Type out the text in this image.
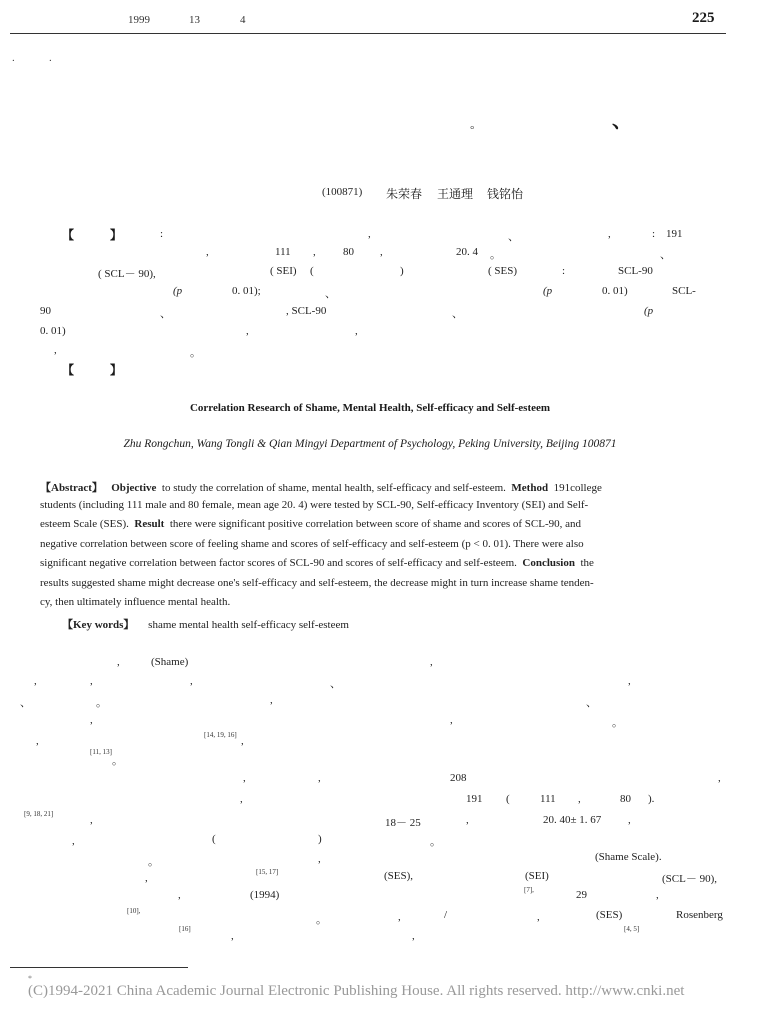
1999	13	4	225
.	.
°	、
(100871) 朱荣春 王通理 钱铭怡
【	】	:	,	、	,	: 191
,	111 , 80 ,	20. 4 。	、
( SCL－ 90),	( SEI) (	)	( SES)	:	SCL-90
(p	0. 01);	、	(p	0. 01)	SCL-
90	、	, SCL-90	、	(p
0. 01)	,	,
,	。
【	】
Correlation Research of Shame, Mental Health, Self-efficacy and Self-esteem
Zhu Rongchun, Wang Tongli & Qian Mingyi Department of Psychology, Peking University, Beijing 100871
【Abstract】 Objective to study the correlation of shame, mental health, self-efficacy and self-esteem. Method 191college
students (including 111 male and 80 female, mean age 20. 4) were tested by SCL-90, Self-efficacy Inventory (SEI) and Self-
esteem Scale (SES). Result there were significant positive correlation between score of shame and scores of SCL-90, and
negative correlation between score of feeling shame and scores of self-efficacy and self-esteem (p < 0. 01). There were also
significant negative correlation between factor scores of SCL-90 and scores of self-efficacy and self-esteem. Conclusion the
results suggested shame might decrease one's self-efficacy and self-esteem, the decrease might in turn increase shame tenden-
cy, then ultimately influence mental health.
【Key words】 shame mental health self-efficacy self-esteem
,	(Shame)	,
,	,	,	、	,
、	。	,	、
,	,	。
,	[14, 19, 16] ,
[11, 13]
。
,	,	208	,
,	191 (	111 ,	80 ).
[9, 18, 21]	,	18－ 25	,	20. 40± 1. 67 ,
,	(	)	。
。	,	(Shame Scale).
,	[15, 17]	(SES),	(SEI)	(SCL－ 90),
,	(1994)	[7],	29	,
[10],
。	,	/	,	(SES)	Rosenberg
[16]
,	,
[4, 5]
*
(C)1994-2021 China Academic Journal Electronic Publishing House. All rights reserved. http://www.cnki.net
